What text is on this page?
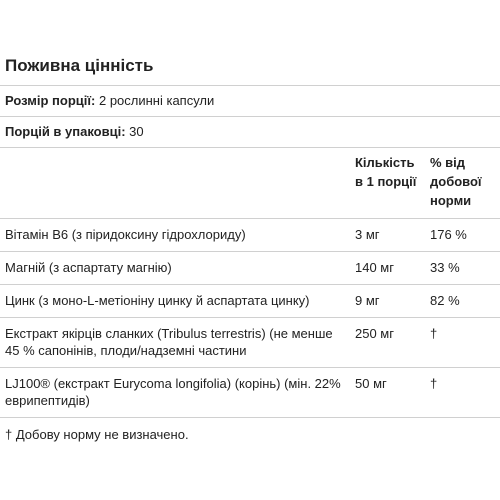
Поживна цінність
Розмір порції: 2 рослинні капсули
Порцій в упаковці: 30
	Кількість в 1 порції	% від добової норми
Вітамін B6 (з піридоксину гідрохлориду)	3 мг	176 %
Магній (з аспартату магнію)	140 мг	33 %
Цинк (з моно-L-метіоніну цинку й аспартата цинку)	9 мг	82 %
Екстракт якірців сланких (Tribulus terrestris) (не менше 45 % сапонінів, плоди/надземні частини	250 мг	†
LJ100® (екстракт Eurycoma longifolia) (корінь) (мін. 22% еврипептидів)	50 мг	†
† Добову норму не визначено.
